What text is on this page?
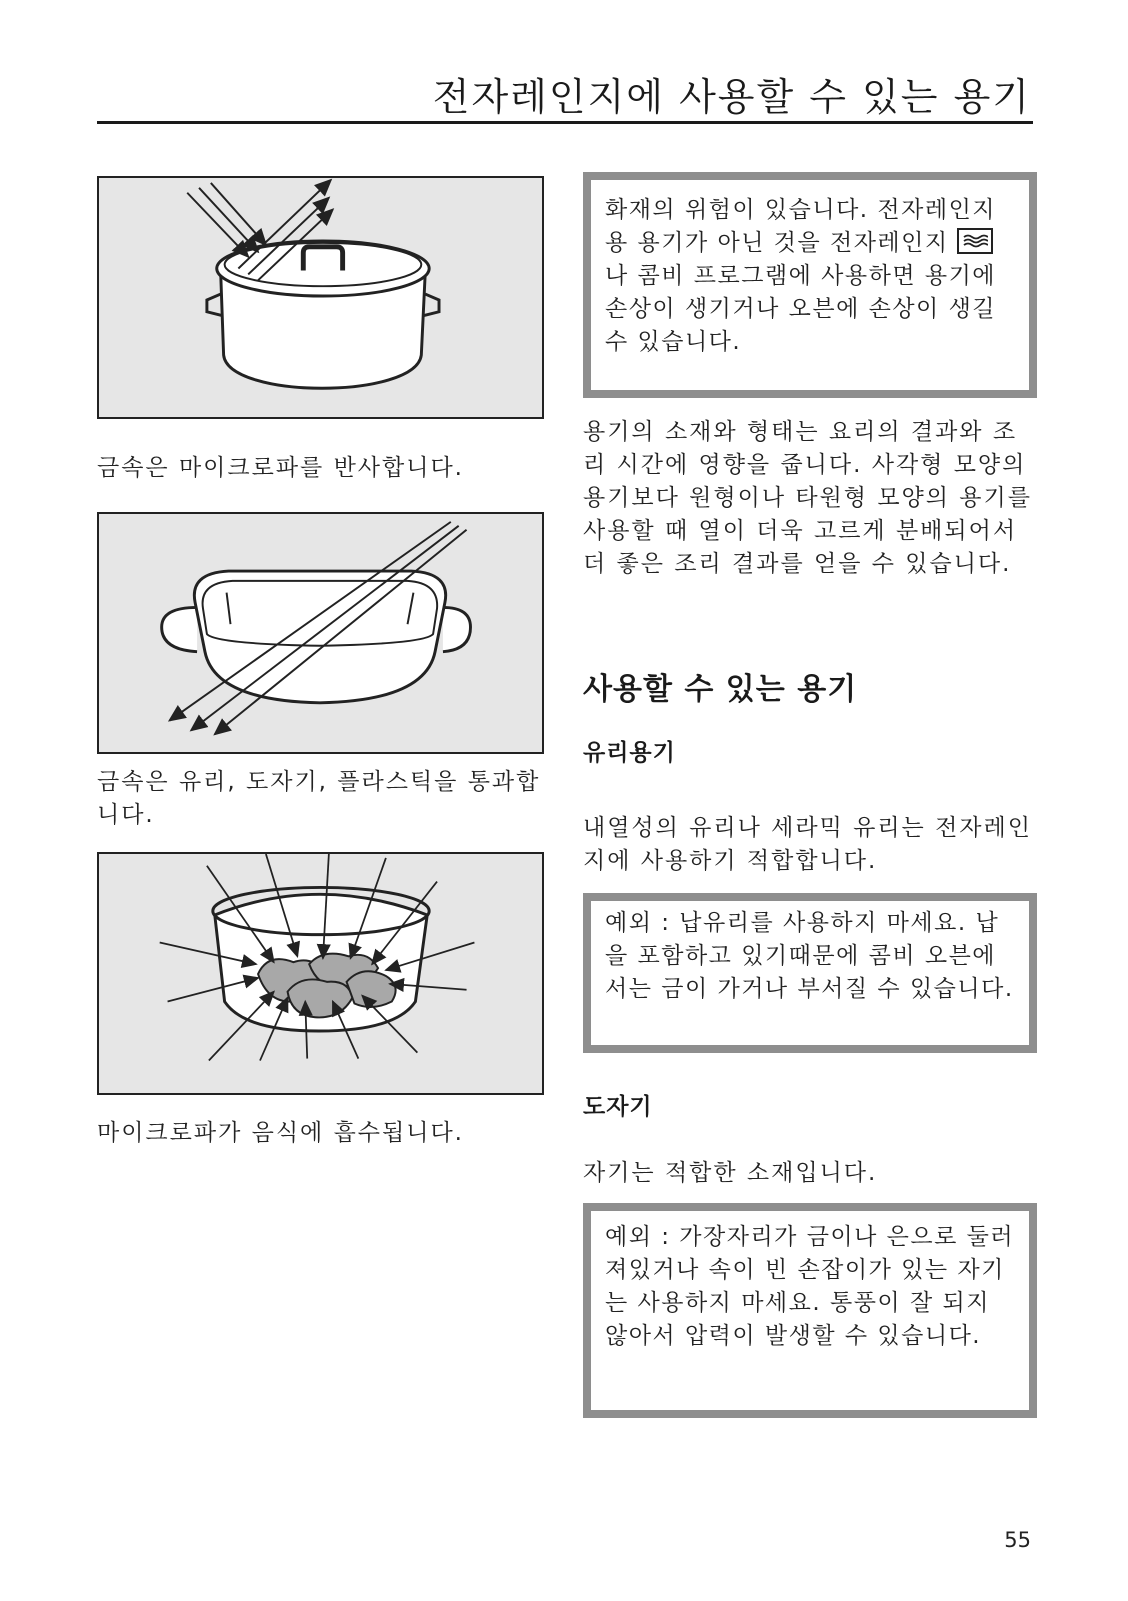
전자레인지에 사용할 수 있는 용기

금속은 마이크로파를 반사합니다.

금속은 유리, 도자기, 플라스틱을 통과합니다.

마이크로파가 음식에 흡수됩니다.

화재의 위험이 있습니다. 전자레인지용 용기가 아닌 것을 전자레인지
나 콤비 프로그램에 사용하면 용기에 손상이 생기거나 오븐에 손상이 생길 수 있습니다.

용기의 소재와 형태는 요리의 결과와 조리 시간에 영향을 줍니다. 사각형 모양의 용기보다 원형이나 타원형 모양의 용기를 사용할 때 열이 더욱 고르게 분배되어서 더 좋은 조리 결과를 얻을 수 있습니다.

사용할 수 있는 용기
유리용기

내열성의 유리나 세라믹 유리는 전자레인지에 사용하기 적합합니다.

예외 : 납유리를 사용하지 마세요. 납을 포함하고 있기때문에 콤비 오븐에서는 금이 가거나 부서질 수 있습니다.
도자기

자기는 적합한 소재입니다.

예외 : 가장자리가 금이나 은으로 둘러져있거나 속이 빈 손잡이가 있는 자기는 사용하지 마세요. 통풍이 잘 되지 않아서 압력이 발생할 수 있습니다.
55
